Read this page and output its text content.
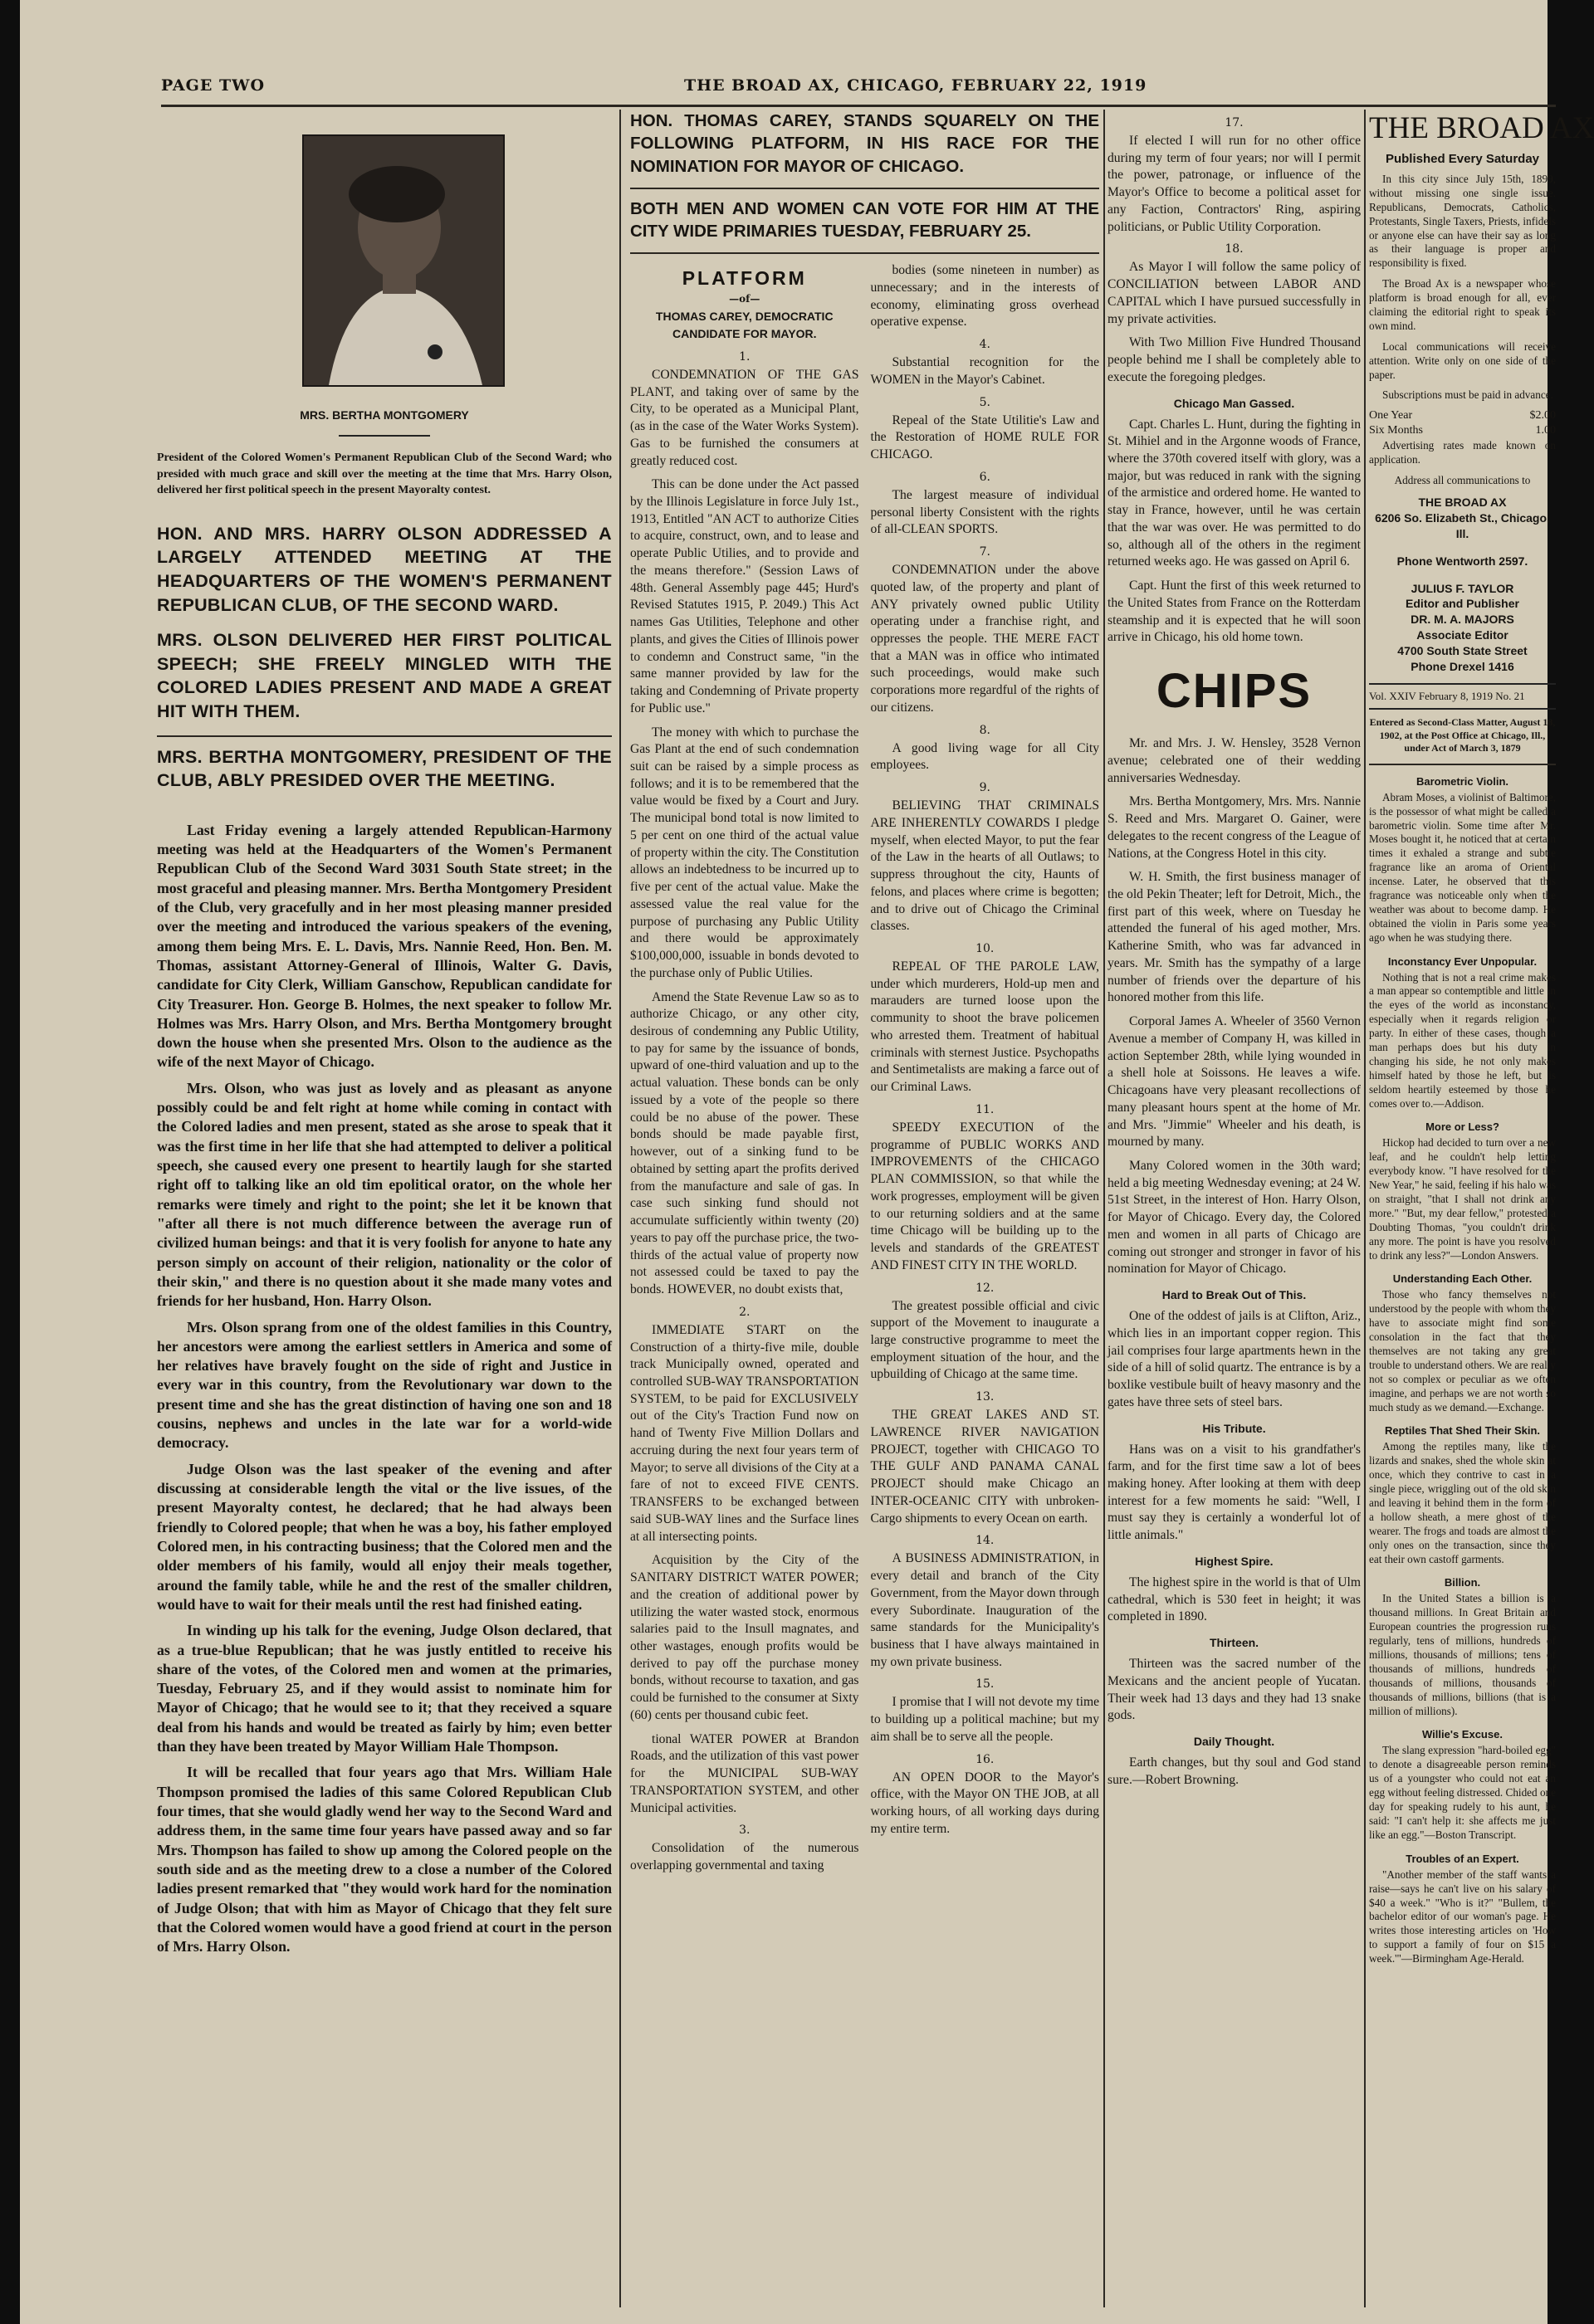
PAGE TWO	THE BROAD AX, CHICAGO, FEBRUARY 22, 1919
MRS. BERTHA MONTGOMERY

President of the Colored Women's Permanent Republican Club of the Second Ward; who presided with much grace and skill over the meeting at the time that Mrs. Harry Olson, delivered her first political speech in the present Mayoralty contest.

HON. AND MRS. HARRY OLSON ADDRESSED A LARGELY ATTENDED MEETING AT THE HEADQUARTERS OF THE WOMEN'S PERMANENT REPUBLICAN CLUB, OF THE SECOND WARD.

MRS. OLSON DELIVERED HER FIRST POLITICAL SPEECH; SHE FREELY MINGLED WITH THE COLORED LADIES PRESENT AND MADE A GREAT HIT WITH THEM.

MRS. BERTHA MONTGOMERY, PRESIDENT OF THE CLUB, ABLY PRESIDED OVER THE MEETING.

Last Friday evening a largely attended Republican-Harmony meeting was held at the Headquarters of the Women's Permanent Republican Club of the Second Ward 3031 South State street; in the most graceful and pleasing manner. Mrs. Bertha Montgomery President of the Club, very gracefully and in her most pleasing manner presided over the meeting and introduced the various speakers of the evening, among them being Mrs. E. L. Davis, Mrs. Nannie Reed, Hon. Ben. M. Thomas, assistant Attorney-General of Illinois, Walter G. Davis, candidate for City Clerk, William Ganschow, Republican candidate for City Treasurer. Hon. George B. Holmes, the next speaker to follow Mr. Holmes was Mrs. Harry Olson, and Mrs. Bertha Montgomery brought down the house when she presented Mrs. Olson to the audience as the wife of the next Mayor of Chicago.

Mrs. Olson, who was just as lovely and as pleasant as anyone possibly could be and felt right at home while coming in contact with the Colored ladies and men present, stated as she arose to speak that it was the first time in her life that she had attempted to deliver a political speech, she caused every one present to heartily laugh for she started right off to talking like an old tim epolitical orator, on the whole her remarks were timely and right to the point; she let it be known that "after all there is not much difference between the average run of civilized human beings: and that it is very foolish for anyone to hate any person simply on account of their religion, nationality or the color of their skin," and there is no question about it she made many votes and friends for her husband, Hon. Harry Olson.

Mrs. Olson sprang from one of the oldest families in this Country, her ancestors were among the earliest settlers in America and some of her relatives have bravely fought on the side of right and Justice in every war in this country, from the Revolutionary war down to the present time and she has the great distinction of having one son and 18 cousins, nephews and uncles in the late war for a world-wide democracy.

Judge Olson was the last speaker of the evening and after discussing at considerable length the vital or the live issues, of the present Mayoralty contest, he declared; that he had always been friendly to Colored people; that when he was a boy, his father employed Colored men, in his contracting business; that the Colored men and the older members of his family, would all enjoy their meals together, around the family table, while he and the rest of the smaller children, would have to wait for their meals until the rest had finished eating.

In winding up his talk for the evening, Judge Olson declared, that as a true-blue Republican; that he was justly entitled to receive his share of the votes, of the Colored men and women at the primaries, Tuesday, February 25, and if they would assist to nominate him for Mayor of Chicago; that he would see to it; that they received a square deal from his hands and would be treated as fairly by him; even better than they have been treated by Mayor William Hale Thompson.

It will be recalled that four years ago that Mrs. William Hale Thompson promised the ladies of this same Colored Republican Club four times, that she would gladly wend her way to the Second Ward and address them, in the same time four years have passed away and so far Mrs. Thompson has failed to show up among the Colored people on the south side and as the meeting drew to a close a number of the Colored ladies present remarked that "they would work hard for the nomination of Judge Olson; that with him as Mayor of Chicago that they felt sure that the Colored women would have a good friend at court in the person of Mrs. Harry Olson.

HON. THOMAS CAREY, STANDS SQUARELY ON THE FOLLOWING PLATFORM, IN HIS RACE FOR THE NOMINATION FOR MAYOR OF CHICAGO.

BOTH MEN AND WOMEN CAN VOTE FOR HIM AT THE CITY WIDE PRIMARIES TUESDAY, FEBRUARY 25.

PLATFORM
—of—
THOMAS CAREY, DEMOCRATIC CANDIDATE FOR MAYOR.
1.

CONDEMNATION OF THE GAS PLANT, and taking over of same by the City, to be operated as a Municipal Plant, (as in the case of the Water Works System). Gas to be furnished the consumers at greatly reduced cost.

This can be done under the Act passed by the Illinois Legislature in force July 1st., 1913, Entitled "AN ACT to authorize Cities to acquire, construct, own, and to lease and operate Public Utilies, and to provide and the means therefore." (Session Laws of 48th. General Assembly page 445; Hurd's Revised Statutes 1915, P. 2049.) This Act names Gas Utilities, Telephone and other plants, and gives the Cities of Illinois power to condemn and Construct same, "in the same manner provided by law for the taking and Condemning of Private property for Public use."

The money with which to purchase the Gas Plant at the end of such condemnation suit can be raised by a simple process as follows; and it is to be remembered that the value would be fixed by a Court and Jury. The municipal bond total is now limited to 5 per cent on one third of the actual value of property within the city. The Constitution allows an indebtedness to be incurred up to five per cent of the actual value. Make the assessed value the real value for the purpose of purchasing any Public Utility and there would be approximately $100,000,000, issuable in bonds devoted to the purchase only of Public Utilies.

Amend the State Revenue Law so as to authorize Chicago, or any other city, desirous of condemning any Public Utility, to pay for same by the issuance of bonds, upward of one-third valuation and up to the actual valuation. These bonds can be only issued by a vote of the people so there could be no abuse of the power. These bonds should be made payable first, however, out of a sinking fund to be obtained by setting apart the profits derived from the manufacture and sale of gas. In case such sinking fund should not accumulate sufficiently within twenty (20) years to pay off the purchase price, the two-thirds of the actual value of property now not assessed could be taxed to pay the bonds. HOWEVER, no doubt exists that,

2.

IMMEDIATE START on the Construction of a thirty-five mile, double track Municipally owned, operated and controlled SUB-WAY TRANSPORTATION SYSTEM, to be paid for EXCLUSIVELY out of the City's Traction Fund now on hand of Twenty Five Million Dollars and accruing during the next four years term of Mayor; to serve all divisions of the City at a fare of not to exceed FIVE CENTS. TRANSFERS to be exchanged between said SUB-WAY lines and the Surface lines at all intersecting points.

Acquisition by the City of the SANITARY DISTRICT WATER POWER; and the creation of additional power by utilizing the water wasted stock, enormous salaries paid to the Insull magnates, and other wastages, enough profits would be derived to pay off the purchase money bonds, without recourse to taxation, and gas could be furnished to the consumer at Sixty (60) cents per thousand cubic feet.

tional WATER POWER at Brandon Roads, and the utilization of this vast power for the MUNICIPAL SUB-WAY TRANSPORTATION SYSTEM, and other Municipal activities.

3.

Consolidation of the numerous overlapping governmental and taxing

bodies (some nineteen in number) as unnecessary; and in the interests of economy, eliminating gross overhead operative expense.

4.

Substantial recognition for the WOMEN in the Mayor's Cabinet.

5.

Repeal of the State Utilitie's Law and the Restoration of HOME RULE FOR CHICAGO.

6.

The largest measure of individual personal liberty Consistent with the rights of all-CLEAN SPORTS.

7.

CONDEMNATION under the above quoted law, of the property and plant of ANY privately owned public Utility operating under a franchise right, and oppresses the people. THE MERE FACT that a MAN was in office who intimated such proceedings, would make such corporations more regardful of the rights of our citizens.

8.

A good living wage for all City employees.

9.

BELIEVING THAT CRIMINALS ARE INHERENTLY COWARDS I pledge myself, when elected Mayor, to put the fear of the Law in the hearts of all Outlaws; to suppress throughout the city, Haunts of felons, and places where crime is begotten; and to drive out of Chicago the Criminal classes.

10.

REPEAL OF THE PAROLE LAW, under which murderers, Hold-up men and marauders are turned loose upon the community to shoot the brave policemen who arrested them. Treatment of habitual criminals with sternest Justice. Psychopaths and Sentimetalists are making a farce out of our Criminal Laws.

11.

SPEEDY EXECUTION of the programme of PUBLIC WORKS AND IMPROVEMENTS of the CHICAGO PLAN COMMISSION, so that while the work progresses, employment will be given to our returning soldiers and at the same time Chicago will be building up to the levels and standards of the GREATEST AND FINEST CITY IN THE WORLD.

12.

The greatest possible official and civic support of the Movement to inaugurate a large constructive programme to meet the employment situation of the hour, and the upbuilding of Chicago at the same time.

13.

THE GREAT LAKES AND ST. LAWRENCE RIVER NAVIGATION PROJECT, together with CHICAGO TO THE GULF AND PANAMA CANAL PROJECT should make Chicago an INTER-OCEANIC CITY with unbroken-Cargo shipments to every Ocean on earth.

14.

A BUSINESS ADMINISTRATION, in every detail and branch of the City Government, from the Mayor down through every Subordinate. Inauguration of the same standards for the Municipality's business that I have always maintained in my own private business.

15.

I promise that I will not devote my time to building up a political machine; but my aim shall be to serve all the people.

16.

AN OPEN DOOR to the Mayor's office, with the Mayor ON THE JOB, at all working hours, of all working days during my entire term.

17.

If elected I will run for no other office during my term of four years; nor will I permit the power, patronage, or influence of the Mayor's Office to become a political asset for any Faction, Contractors' Ring, aspiring politicians, or Public Utility Corporation.

18.

As Mayor I will follow the same policy of CONCILIATION between LABOR AND CAPITAL which I have pursued successfully in my private activities.

With Two Million Five Hundred Thousand people behind me I shall be completely able to execute the foregoing pledges.

Chicago Man Gassed.

Capt. Charles L. Hunt, during the fighting in St. Mihiel and in the Argonne woods of France, where the 370th covered itself with glory, was a major, but was reduced in rank with the signing of the armistice and ordered home. He wanted to stay in France, however, until he was certain that the war was over. He was permitted to do so, although all of the others in the regiment returned weeks ago. He was gassed on April 6.

Capt. Hunt the first of this week returned to the United States from France on the Rotterdam steamship and it is expected that he will soon arrive in Chicago, his old home town.

CHIPS

Mr. and Mrs. J. W. Hensley, 3528 Vernon avenue; celebrated one of their wedding anniversaries Wednesday.

Mrs. Bertha Montgomery, Mrs. Mrs. Nannie S. Reed and Mrs. Margaret O. Gainer, were delegates to the recent congress of the League of Nations, at the Congress Hotel in this city.

W. H. Smith, the first business manager of the old Pekin Theater; left for Detroit, Mich., the first part of this week, where on Tuesday he attended the funeral of his aged mother, Mrs. Katherine Smith, who was far advanced in years. Mr. Smith has the sympathy of a large number of friends over the departure of his honored mother from this life.

Corporal James A. Wheeler of 3560 Vernon Avenue a member of Company H, was killed in action September 28th, while lying wounded in a shell hole at Soissons. He leaves a wife. Chicagoans have very pleasant recollections of many pleasant hours spent at the home of Mr. and Mrs. "Jimmie" Wheeler and his death, is mourned by many.

Many Colored women in the 30th ward; held a big meeting Wednesday evening; at 24 W. 51st Street, in the interest of Hon. Harry Olson, for Mayor of Chicago. Every day, the Colored men and women in all parts of Chicago are coming out stronger and stronger in favor of his nomination for Mayor of Chicago.

Hard to Break Out of This.

One of the oddest of jails is at Clifton, Ariz., which lies in an important copper region. This jail comprises four large apartments hewn in the side of a hill of solid quartz. The entrance is by a boxlike vestibule built of heavy masonry and the gates have three sets of steel bars.

His Tribute.

Hans was on a visit to his grandfather's farm, and for the first time saw a lot of bees making honey. After looking at them with deep interest for a few moments he said: "Well, I must say they is certainly a wonderful lot of little animals."

Highest Spire.

The highest spire in the world is that of Ulm cathedral, which is 530 feet in height; it was completed in 1890.

Thirteen.

Thirteen was the sacred number of the Mexicans and the ancient people of Yucatan. Their week had 13 days and they had 13 snake gods.

Daily Thought.

Earth changes, but thy soul and God stand sure.—Robert Browning.

THE BROAD AX
Published Every Saturday

In this city since July 15th, 1899, without missing one single issue. Republicans, Democrats, Catholics, Protestants, Single Taxers, Priests, infidels or anyone else can have their say as long as their language is proper and responsibility is fixed.

The Broad Ax is a newspaper whose platform is broad enough for all, ever claiming the editorial right to speak its own mind.

Local communications will receive attention. Write only on one side of the paper.

Subscriptions must be paid in advance.

One Year	$2.00
Six Months	1.00

Advertising rates made known on application.

Address all communications to

THE BROAD AX

6206 So. Elizabeth St., Chicago, Ill.

Phone Wentworth 2597.

JULIUS F. TAYLOR

Editor and Publisher

DR. M. A. MAJORS

Associate Editor

4700 South State Street

Phone Drexel 1416

Vol. XXIV February 8, 1919 No. 21

Entered as Second-Class Matter, August 18, 1902, at the Post Office at Chicago, Ill., under Act of March 3, 1879

Barometric Violin.

Abram Moses, a violinist of Baltimore, is the possessor of what might be called a barometric violin. Some time after Mr. Moses bought it, he noticed that at certain times it exhaled a strange and subtle fragrance like an aroma of Oriental incense. Later, he observed that this fragrance was noticeable only when the weather was about to become damp. He obtained the violin in Paris some years ago when he was studying there.

Inconstancy Ever Unpopular.

Nothing that is not a real crime makes a man appear so contemptible and little in the eyes of the world as inconstancy, especially when it regards religion or party. In either of these cases, though a man perhaps does but his duty in changing his side, he not only makes himself hated by those he left, but is seldom heartily esteemed by those he comes over to.—Addison.

More or Less?

Hickop had decided to turn over a new leaf, and he couldn't help letting everybody know. "I have resolved for the New Year," he said, feeling if his halo was on straight, "that I shall not drink any more." "But, my dear fellow," protested a Doubting Thomas, "you couldn't drink any more. The point is have you resolved to drink any less?"—London Answers.

Understanding Each Other.

Those who fancy themselves not understood by the people with whom they have to associate might find some consolation in the fact that they themselves are not taking any great trouble to understand others. We are really not so complex or peculiar as we often imagine, and perhaps we are not worth so much study as we demand.—Exchange.

Reptiles That Shed Their Skin.

Among the reptiles many, like the lizards and snakes, shed the whole skin at once, which they contrive to cast in a single piece, wriggling out of the old skin and leaving it behind them in the form of a hollow sheath, a mere ghost of the wearer. The frogs and toads are almost the only ones on the transaction, since they eat their own castoff garments.

Billion.

In the United States a billion is a thousand millions. In Great Britain and European countries the progression runs regularly, tens of millions, hundreds of millions, thousands of millions; tens of thousands of millions, hundreds of thousands of millions, thousands of thousands of millions, billions (that is a million of millions).

Willie's Excuse.

The slang expression "hard-boiled egg" to denote a disagreeable person reminds us of a youngster who could not eat an egg without feeling distressed. Chided one day for speaking rudely to his aunt, he said: "I can't help it: she affects me just like an egg."—Boston Transcript.

Troubles of an Expert.

"Another member of the staff wants a raise—says he can't live on his salary of $40 a week." "Who is it?" "Bullem, the bachelor editor of our woman's page. He writes those interesting articles on 'How to support a family of four on $15 a week.'"—Birmingham Age-Herald.
